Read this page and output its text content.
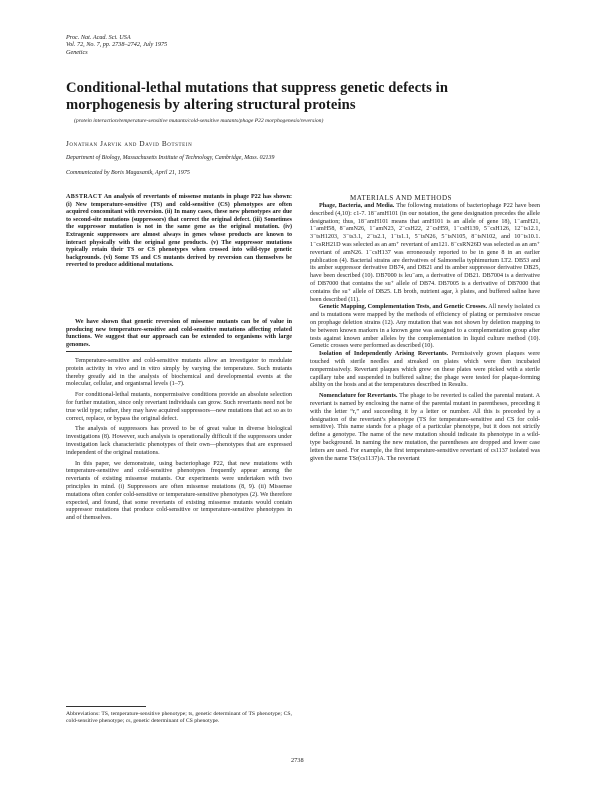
Proc. Nat. Acad. Sci. USA
Vol. 72, No. 7, pp. 2738–2742, July 1975
Genetics
Conditional-lethal mutations that suppress genetic defects in morphogenesis by altering structural proteins
(protein interaction/temperature-sensitive mutants/cold-sensitive mutants/phage P22 morphogenesis/reversion)
Jonathan Jarvik and David Botstein
Department of Biology, Massachusetts Institute of Technology, Cambridge, Mass. 02139
Communicated by Boris Magasanik, April 21, 1975
ABSTRACT An analysis of revertants of missense mutants in phage P22 has shown: (i) New temperature-sensitive (TS) and cold-sensitive (CS) phenotypes are often acquired concomitant with reversion. (ii) In many cases, these new phenotypes are due to second-site mutations (suppressors) that correct the original defect. (iii) Sometimes the suppressor mutation is not in the same gene as the original mutation. (iv) Extragenic suppressors are almost always in genes whose products are known to interact physically with the original gene products. (v) The suppressor mutations typically retain their TS or CS phenotypes when crossed into wild-type genetic backgrounds. (vi) Some TS and CS mutants derived by reversion can themselves be reverted to produce additional mutations.

We have shown that genetic reversion of missense mutants can be of value in producing new temperature-sensitive and cold-sensitive mutations affecting related functions. We suggest that our approach can be extended to organisms with large genomes.

Temperature-sensitive and cold-sensitive mutants allow an investigator to modulate protein activity in vivo and in vitro simply by varying the temperature. Such mutants thereby greatly aid in the analysis of biochemical and developmental events at the molecular, cellular, and organismal levels (1–7).

For conditional-lethal mutants, nonpermissive conditions provide an absolute selection for further mutation, since only revertant individuals can grow. Such revertants need not be true wild type; rather, they may have acquired suppressors—new mutations that act so as to correct, replace, or bypass the original defect.

The analysis of suppressors has proved to be of great value in diverse biological investigations (8). However, such analysis is operationally difficult if the suppressors under investigation lack characteristic phenotypes of their own—phenotypes that are expressed independent of the original mutations.

In this paper, we demonstrate, using bacteriophage P22, that new mutations with temperature-sensitive and cold-sensitive phenotypes frequently appear among the revertants of existing missense mutants. Our experiments were undertaken with two principles in mind. (i) Suppressors are often missense mutations (8, 9). (ii) Missense mutations often confer cold-sensitive or temperature-sensitive phenotypes (2). We therefore expected, and found, that some revertants of existing missense mutants would contain suppressor mutations that produce cold-sensitive or temperature-sensitive phenotypes in and of themselves.

Abbreviations: TS, temperature-sensitive phenotype; ts, genetic determinant of TS phenotype; CS, cold-sensitive phenotype; cs, genetic determinant of CS phenotype.
MATERIALS AND METHODS

Phage, Bacteria, and Media. The following mutations of bacteriophage P22 have been described (4,10): c1-7. 18⁻amH101 (in our notation, the gene designation precedes the allele designation; thus, 18⁻amH101 means that amH101 is an allele of gene 18), 1⁻amH21, 1⁻amH58, 8⁻amN26, 1⁻amN23, 2⁻csH22, 2⁻csH59, 1⁻csH139, 5⁻csH126, 12⁻ts12.1, 3⁻tsH1203, 3⁻ts3.1, 2⁻ts2.1, 1⁻ts1.1, 5⁻tsN26, 5⁻tsN105, 8⁻tsN102, and 10⁻ts10.1. 1⁻csRH21D was selected as an am⁺ revertant of am121. 8⁻csRN26D was selected as an am⁺ revertant of amN26. 1⁻csH137 was erroneously reported to be in gene 8 in an earlier publication (4). Bacterial strains are derivatives of Salmonella typhimurium LT2. DB53 and its amber suppressor derivative DB74, and DB21 and its amber suppressor derivative DB25, have been described (10). DB7000 is leu⁻am, a derivative of DB21. DB7004 is a derivative of DB7000 that contains the su⁺ allele of DB74. DB7005 is a derivative of DB7000 that contains the su⁺ allele of DB25. LB broth, nutrient agar, λ plates, and buffered saline have been described (11).

Genetic Mapping, Complementation Tests, and Genetic Crosses. All newly isolated cs and ts mutations were mapped by the methods of efficiency of plating or permissive rescue on prophage deletion strains (12). Any mutation that was not shown by deletion mapping to be between known markers in a known gene was assigned to a complementation group after tests against known amber alleles by the complementation in liquid culture method (10). Genetic crosses were performed as described (10).

Isolation of Independently Arising Revertants. Permissively grown plaques were touched with sterile needles and streaked on plates which were then incubated nonpermissively. Revertant plaques which grew on these plates were picked with a sterile capillary tube and suspended in buffered saline; the phage were tested for plaque-forming ability on the hosts and at the temperatures described in Results.

Nomenclature for Revertants. The phage to be reverted is called the parental mutant. A revertant is named by enclosing the name of the parental mutant in parentheses, preceding it with the letter “r,” and succeeding it by a letter or number. All this is preceded by a designation of the revertant’s phenotype (TS for temperature-sensitive and CS for cold-sensitive). This name stands for a phage of a particular phenotype, but it does not strictly define a genotype. The name of the new mutation should indicate its phenotype in a wild-type background. In naming the new mutation, the parentheses are dropped and lower case letters are used. For example, the first temperature-sensitive revertant of cs1137 isolated was given the name TSr(cs1137)A. The revertant

2738
